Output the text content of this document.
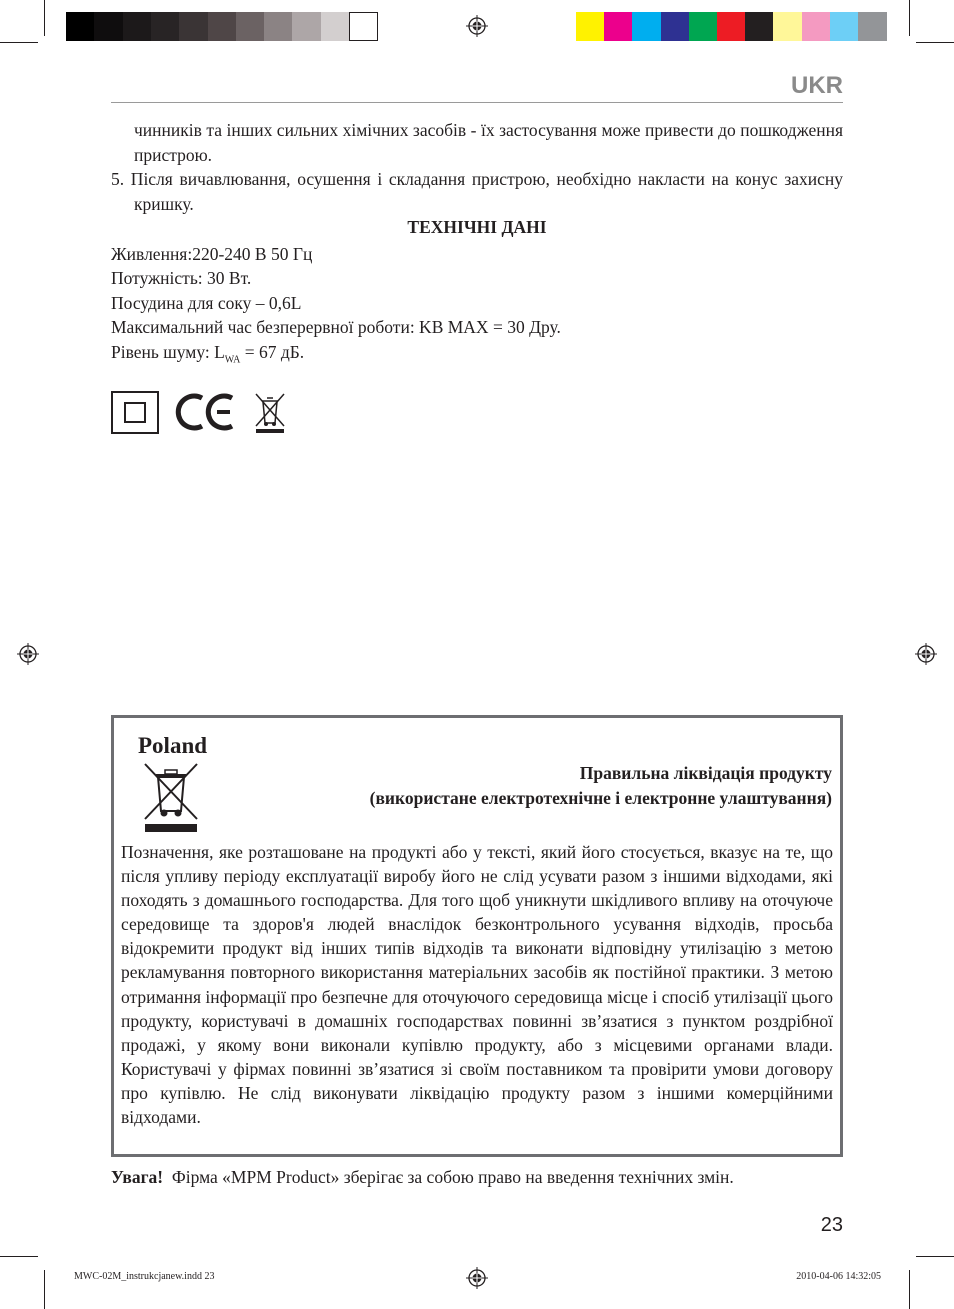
UKR
чинників та інших сильних хімічних засобів - їх застосування може привести до пошкодження пристрою.
5. Після вичавлювання, осушення і складання пристрою, необхідно накласти на конус захисну кришку.
ТЕХНІЧНІ ДАНІ
Живлення:220-240 В 50 Гц
Потужність: 30 Вт.
Посудина для соку – 0,6L
Максимальний час безперервної роботи: KB MAX = 30 Дру.
Рівень шуму: $L_{WA} = 67$ дБ.
Poland
Правильна ліквідація продукту
(використане електротехнічне і електронне улаштування)
Позначення, яке розташоване на продукті або у тексті, який його стосується, вказує на те, що після упливу періоду експлуатації виробу його не слід усувати разом з іншими відходами, які походять з домашнього господарства. Для того щоб уникнути шкідливого впливу на оточуюче середовище та здоров'я людей внаслідок безконтрольного усування відходів, просьба відокремити продукт від інших типів відходів та виконати відповідну утилізацію з метою рекламування повторного використання матеріальних засобів як постійної практики. З метою отримання інформації про безпечне для оточуючого середовища місце і спосіб утилізації цього продукту, користувачі в домашніх господарствах повинні зв’язатися з пунктом роздрібної продажі, у якому вони виконали купівлю продукту, або з місцевими органами влади. Користувачі у фірмах повинні зв’язатися зі своїм поставником та провірити умови договору про купівлю. Не слід виконувати ліквідацію продукту разом з іншими комерційними відходами.
Увага! Фірма «MPM Product» зберігає за собою право на введення технічних змін.
23
MWC-02M_instrukcjanew.indd 23	2010-04-06 14:32:05
